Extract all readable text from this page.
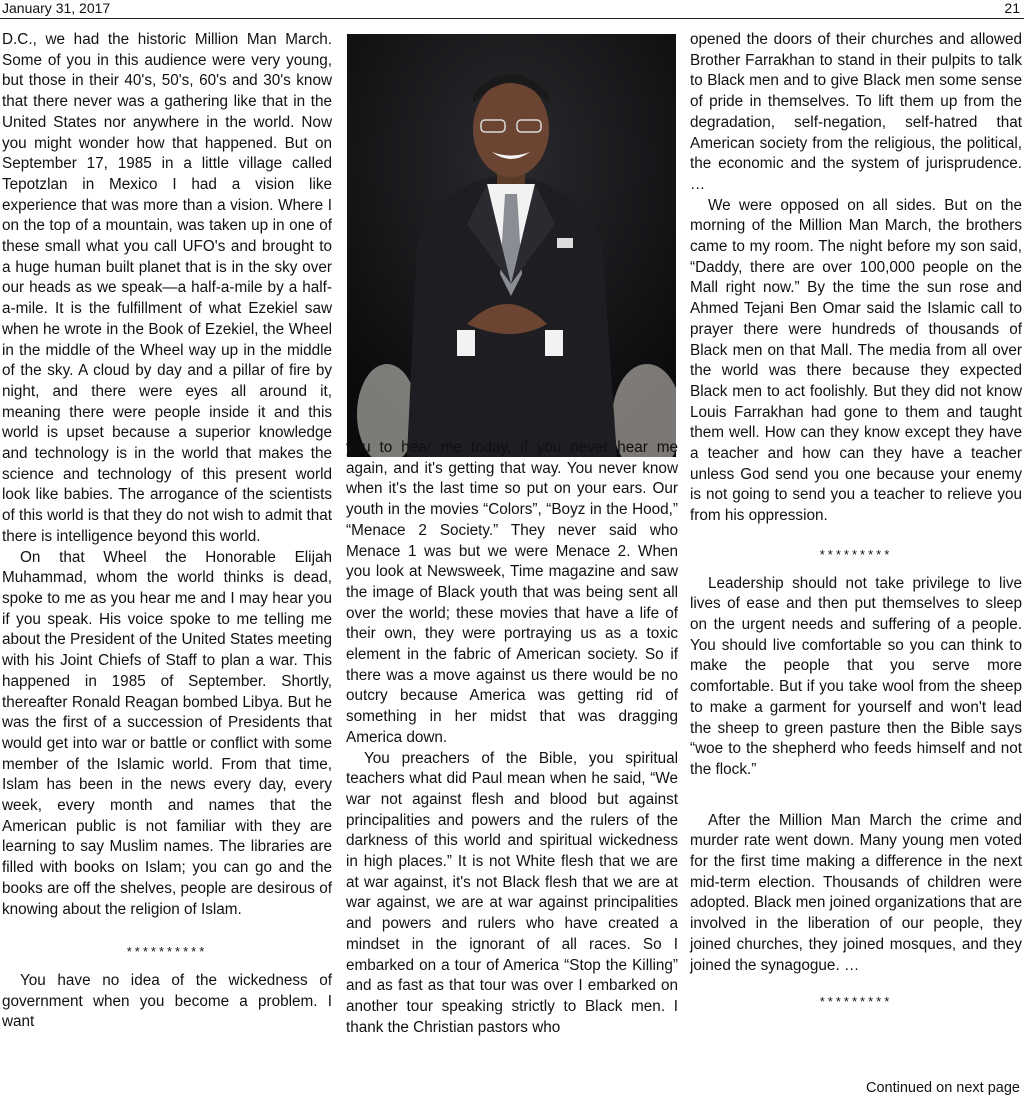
January 31, 2017	21

D.C., we had the historic Million Man March. Some of you in this audience were very young, but those in their 40's, 50's, 60's and 30's know that there never was a gathering like that in the United States nor anywhere in the world. Now you might wonder how that happened. But on September 17, 1985 in a little village called Tepotzlan in Mexico I had a vision like experience that was more than a vision. Where I on the top of a mountain, was taken up in one of these small what you call UFO's and brought to a huge human built planet that is in the sky over our heads as we speak—a half-a-mile by a half-a-mile. It is the fulfillment of what Ezekiel saw when he wrote in the Book of Ezekiel, the Wheel in the middle of the Wheel way up in the middle of the sky. A cloud by day and a pillar of fire by night, and there were eyes all around it, meaning there were people inside it and this world is upset because a superior knowledge and technology is in the world that makes the science and technology of this present world look like babies. The arrogance of the scientists of this world is that they do not wish to admit that there is intelligence beyond this world.

On that Wheel the Honorable Elijah Muhammad, whom the world thinks is dead, spoke to me as you hear me and I may hear you if you speak. His voice spoke to me telling me about the President of the United States meeting with his Joint Chiefs of Staff to plan a war. This happened in 1985 of September. Shortly, thereafter Ronald Reagan bombed Libya. But he was the first of a succession of Presidents that would get into war or battle or conflict with some member of the Islamic world. From that time, Islam has been in the news every day, every week, every month and names that the American public is not familiar with they are learning to say Muslim names. The libraries are filled with books on Islam; you can go and the books are off the shelves, people are desirous of knowing about the religion of Islam.

**********

You have no idea of the wickedness of government when you become a problem. I want

you to hear me today, if you never hear me again, and it's getting that way. You never know when it's the last time so put on your ears. Our youth in the movies “Colors”, “Boyz in the Hood,” “Menace 2 Society.” They never said who Menace 1 was but we were Menace 2. When you look at Newsweek, Time magazine and saw the image of Black youth that was being sent all over the world; these movies that have a life of their own, they were portraying us as a toxic element in the fabric of American society. So if there was a move against us there would be no outcry because America was getting rid of something in her midst that was dragging America down.

You preachers of the Bible, you spiritual teachers what did Paul mean when he said, “We war not against flesh and blood but against principalities and powers and the rulers of the darkness of this world and spiritual wickedness in high places.” It is not White flesh that we are at war against, it's not Black flesh that we are at war against, we are at war against principalities and powers and rulers who have created a mindset in the ignorant of all races. So I embarked on a tour of America “Stop the Killing” and as fast as that tour was over I embarked on another tour speaking strictly to Black men. I thank the Christian pastors who

opened the doors of their churches and allowed Brother Farrakhan to stand in their pulpits to talk to Black men and to give Black men some sense of pride in themselves. To lift them up from the degradation, self-negation, self-hatred that American society from the religious, the political, the economic and the system of jurisprudence. …

We were opposed on all sides. But on the morning of the Million Man March, the brothers came to my room. The night before my son said, “Daddy, there are over 100,000 people on the Mall right now.” By the time the sun rose and Ahmed Tejani Ben Omar said the Islamic call to prayer there were hundreds of thousands of Black men on that Mall. The media from all over the world was there because they expected Black men to act foolishly. But they did not know Louis Farrakhan had gone to them and taught them well. How can they know except they have a teacher and how can they have a teacher unless God send you one because your enemy is not going to send you a teacher to relieve you from his oppression.

*********

Leadership should not take privilege to live lives of ease and then put themselves to sleep on the urgent needs and suffering of a people. You should live comfortable so you can think to make the people that you serve more comfortable. But if you take wool from the sheep to make a garment for yourself and won't lead the sheep to green pasture then the Bible says “woe to the shepherd who feeds himself and not the flock.”

After the Million Man March the crime and murder rate went down. Many young men voted for the first time making a difference in the next mid-term election. Thousands of children were adopted. Black men joined organizations that are involved in the liberation of our people, they joined churches, they joined mosques, and they joined the synagogue. …

*********

Continued on next page
